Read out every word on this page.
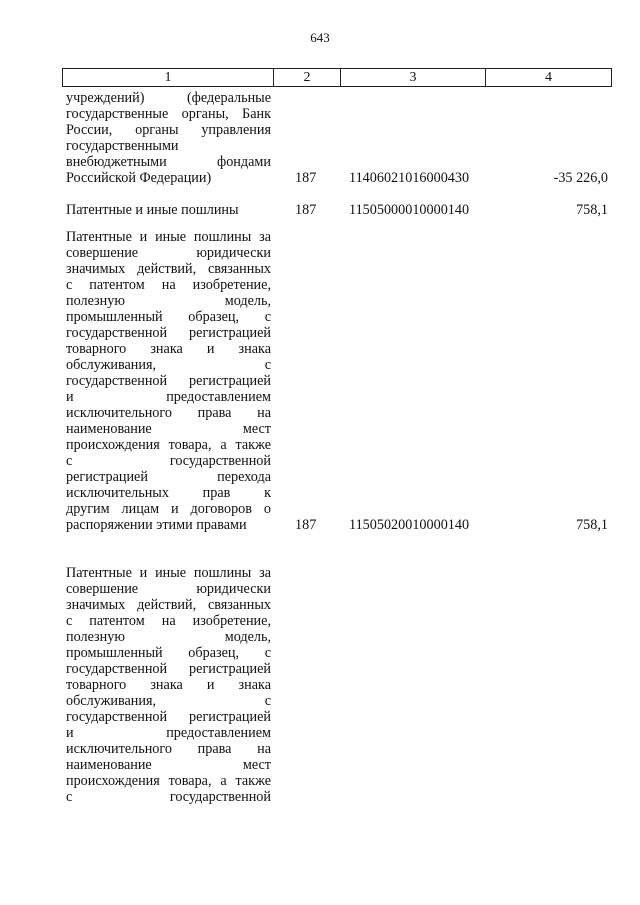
643
1	2	3	4
учреждений) (федеральные
государственные органы, Банк
России, органы управления
государственными
внебюджетными фондами
Российской Федерации)	187	11406021016000430	-35 226,0
Патентные и иные пошлины	187	11505000010000140	758,1
Патентные и иные пошлины за
совершение юридически
значимых действий, связанных
с патентом на изобретение,
полезную модель,
промышленный образец, с
государственной регистрацией
товарного знака и знака
обслуживания, с
государственной регистрацией
и предоставлением
исключительного права на
наименование мест
происхождения товара, а также
с государственной
регистрацией перехода
исключительных прав к
другим лицам и договоров о
распоряжении этими правами	187	11505020010000140	758,1
Патентные и иные пошлины за
совершение юридически
значимых действий, связанных
с патентом на изобретение,
полезную модель,
промышленный образец, с
государственной регистрацией
товарного знака и знака
обслуживания, с
государственной регистрацией
и предоставлением
исключительного права на
наименование мест
происхождения товара, а также
с государственной
